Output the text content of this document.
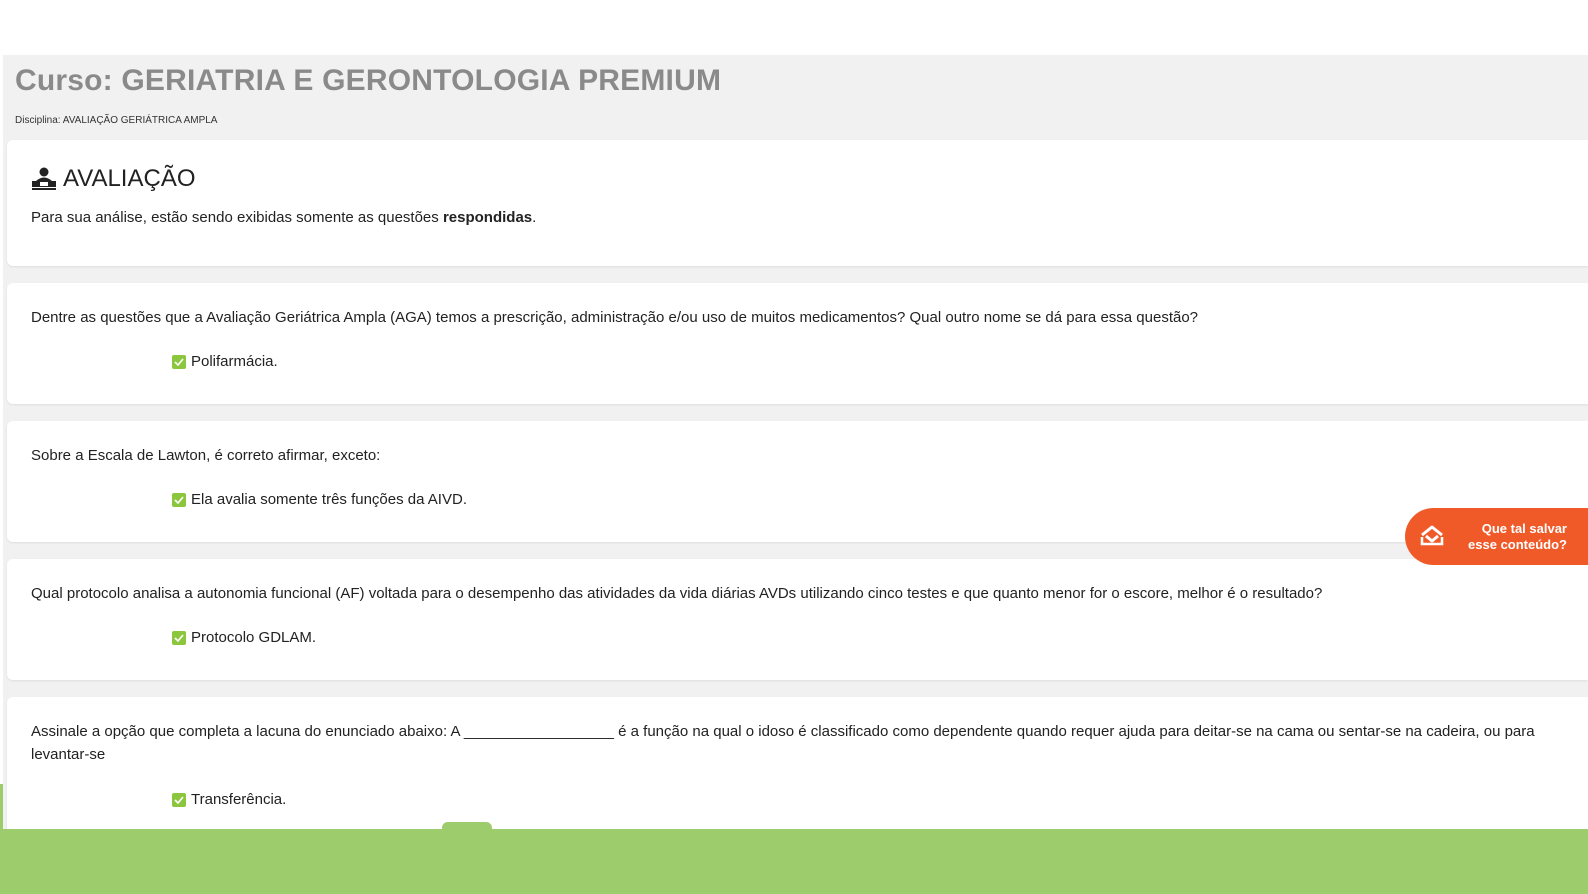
Curso: GERIATRIA E GERONTOLOGIA PREMIUM
Disciplina: AVALIAÇÃO GERIÁTRICA AMPLA
AVALIAÇÃO
Para sua análise, estão sendo exibidas somente as questões respondidas.
Dentre as questões que a Avaliação Geriátrica Ampla (AGA) temos a prescrição, administração e/ou uso de muitos medicamentos? Qual outro nome se dá para essa questão?
Polifarmácia.
Sobre a Escala de Lawton, é correto afirmar, exceto:
Ela avalia somente três funções da AIVD.
Qual protocolo analisa a autonomia funcional (AF) voltada para o desempenho das atividades da vida diárias AVDs utilizando cinco testes e que quanto menor for o escore, melhor é o resultado?
Protocolo GDLAM.
Assinale a opção que completa a lacuna do enunciado abaixo: A __________________ é a função na qual o idoso é classificado como dependente quando requer ajuda para deitar-se na cama ou sentar-se na cadeira, ou para levantar-se
Transferência.
Que tal salvar esse conteúdo?
